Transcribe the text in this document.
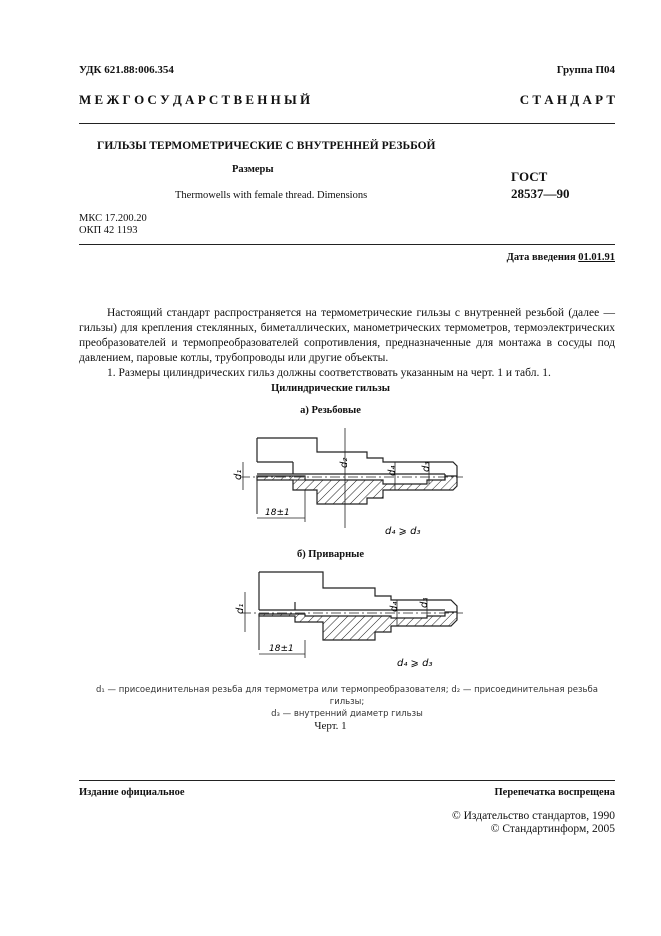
УДК 621.88:006.354	Группа П04
М Е Ж Г О С У Д А Р С Т В Е Н Н Ы Й	С Т А Н Д А Р Т
ГИЛЬЗЫ ТЕРМОМЕТРИЧЕСКИЕ С ВНУТРЕННЕЙ РЕЗЬБОЙ
Размеры
Thermowells with female thread. Dimensions
ГОСТ
28537—90
МКС 17.200.20
ОКП 42 1193
Дата введения 01.01.91

Настоящий стандарт распространяется на термометрические гильзы с внутренней резьбой (далее — гильзы) для крепления стеклянных, биметаллических, манометрических термометров, термоэлектрических преобразователей и термопреобразователей сопротивления, предназначенные для монтажа в сосуды под давлением, паровые котлы, трубопроводы или другие объекты.

1. Размеры цилиндрических гильз должны соответствовать указанным на черт. 1 и табл. 1.

Цилиндрические гильзы
а) Резьбовые
d₁
d₂
d₄ d₃
18±1
d₄ ⩾ d₃
б) Приварные
d₁	d₄ d₃
18±1
d₄ ⩾ d₃
d₁ — присоединительная резьба для термометра или термопреобразователя; d₂ — присоединительная резьба гильзы;
d₃ — внутренний диаметр гильзы
Черт. 1
Издание официальное	Перепечатка воспрещена
© Издательство стандартов, 1990
© Стандартинформ, 2005
